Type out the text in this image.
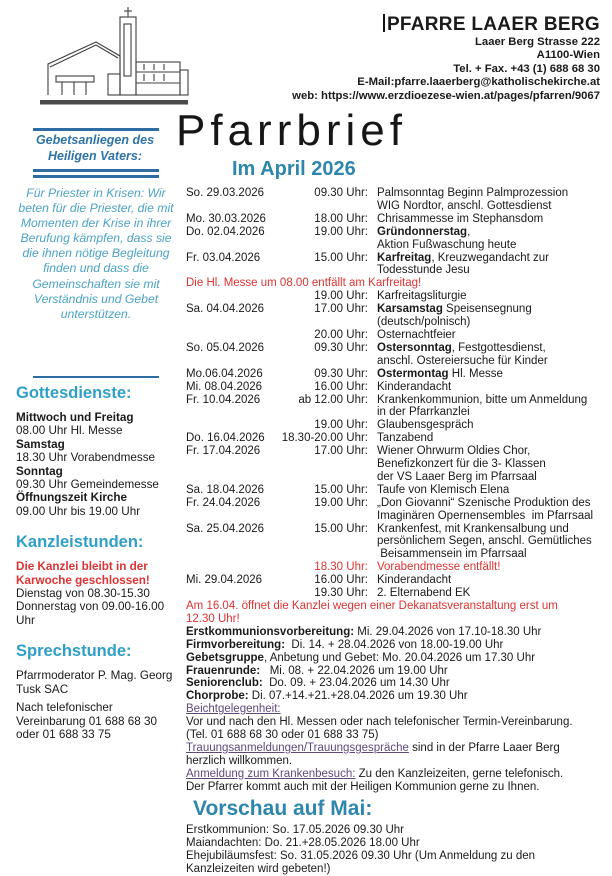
PFARRE LAAER BERG
Laaer Berg Strasse 222
A1100-Wien
Tel. + Fax. +43 (1) 688 68 30
E-Mail:pfarre.laaerberg@katholischekirche.at
web: https://www.erzdioezese-wien.at/pages/pfarren/9067
Pfarrbrief
Gebetsanliegen des Heiligen Vaters:
Für Priester in Krisen: Wir beten für die Priester, die mit Momenten der Krise in ihrer Berufung kämpfen, dass sie die ihnen nötige Begleitung finden und dass die Gemeinschaften sie mit Verständnis und Gebet unterstützen.
Gottesdienste:
Mittwoch und Freitag
08.00 Uhr Hl. Messe
Samstag
18.30 Uhr Vorabendmesse
Sonntag
09.30 Uhr Gemeindemesse
Öffnungszeit Kirche
09.00 Uhr bis 19.00 Uhr
Kanzleistunden:
Die Kanzlei bleibt in der Karwoche geschlossen!
Dienstag von 08.30-15.30
Donnerstag von 09.00-16.00 Uhr
Sprechstunde:
Pfarrmoderator P. Mag. Georg Tusk SAC
Nach telefonischer Vereinbarung 01 688 68 30 oder 01 688 33 75
Im April 2026
So. 29.03.2026	09.30 Uhr: Palmsonntag Beginn Palmprozession
WIG Nordtor, anschl. Gottesdienst
Mo. 30.03.2026	18.00 Uhr: Chrisammesse im Stephansdom
Do. 02.04.2026	19.00 Uhr: Gründonnerstag,
Aktion Fußwaschung heute
Fr. 03.04.2026	15.00 Uhr: Karfreitag, Kreuzwegandacht zur
Todesstunde Jesu
Die Hl. Messe um 08.00 entfällt am Karfreitag!
19.00 Uhr: Karfreitagsliturgie
Sa. 04.04.2026	17.00 Uhr: Karsamstag Speisensegnung
(deutsch/polnisch)
20.00 Uhr: Osternachtfeier
So. 05.04.2026	09.30 Uhr: Ostersonntag, Festgottesdienst,
anschl. Ostereiersuche für Kinder
Mo.06.04.2026	09.30 Uhr: Ostermontag Hl. Messe
Mi. 08.04.2026	16.00 Uhr: Kinderandacht
Fr. 10.04.2026	ab 12.00 Uhr: Krankenkommunion, bitte um Anmeldung
in der Pfarrkanzlei
19.00 Uhr: Glaubensgespräch
Do. 16.04.2026	18.30-20.00 Uhr: Tanzabend
Fr. 17.04.2026	17.00 Uhr: Wiener Ohrwurm Oldies Chor,
Benefizkonzert für die 3- Klassen
der VS Laaer Berg im Pfarrsaal
Sa. 18.04.2026	15.00 Uhr: Taufe von Klemisch Elena
Fr. 24.04.2026	19.00 Uhr: „Don Giovanni“ Szenische Produktion des
Imaginären Opernensembles  im Pfarrsaal
Sa. 25.04.2026	15.00 Uhr: Krankenfest, mit Krankensalbung und
persönlichem Segen, anschl. Gemütliches
Beisammensein im Pfarrsaal
18.30 Uhr: Vorabendmesse entfällt!
Mi. 29.04.2026	16.00 Uhr: Kinderandacht
19.30 Uhr: 2. Elternabend EK
Am 16.04. öffnet die Kanzlei wegen einer Dekanatsveranstaltung erst um 12.30 Uhr!
Erstkommunionsvorbereitung: Mi. 29.04.2026 von 17.10-18.30 Uhr
Firmvorbereitung:  Di. 14. + 28.04.2026 von 18.00-19.00 Uhr
Gebetsgruppe, Anbetung und Gebet: Mo. 20.04.2026 um 17.30 Uhr
Frauenrunde:   Mi. 08. + 22.04.2026 um 19.00 Uhr
Seniorenclub:  Do. 09. + 23.04.2026 um 14.30 Uhr
Chorprobe: Di. 07.+14.+21.+28.04.2026 um 19.30 Uhr
Beichtgelegenheit:
Vor und nach den Hl. Messen oder nach telefonischer Termin-Vereinbarung.
(Tel. 01 688 68 30 oder 01 688 33 75)
Trauungsanmeldungen/Trauungsgespräche sind in der Pfarre Laaer Berg
herzlich willkommen.
Anmeldung zum Krankenbesuch: Zu den Kanzleizeiten, gerne telefonisch.
Der Pfarrer kommt auch mit der Heiligen Kommunion gerne zu Ihnen.
Vorschau auf Mai:
Erstkommunion: So. 17.05.2026 09.30 Uhr
Maiandachten: Do. 21.+28.05.2026 18.00 Uhr
Ehejubiläumsfest: So. 31.05.2026 09.30 Uhr (Um Anmeldung zu den
Kanzleizeiten wird gebeten!)
